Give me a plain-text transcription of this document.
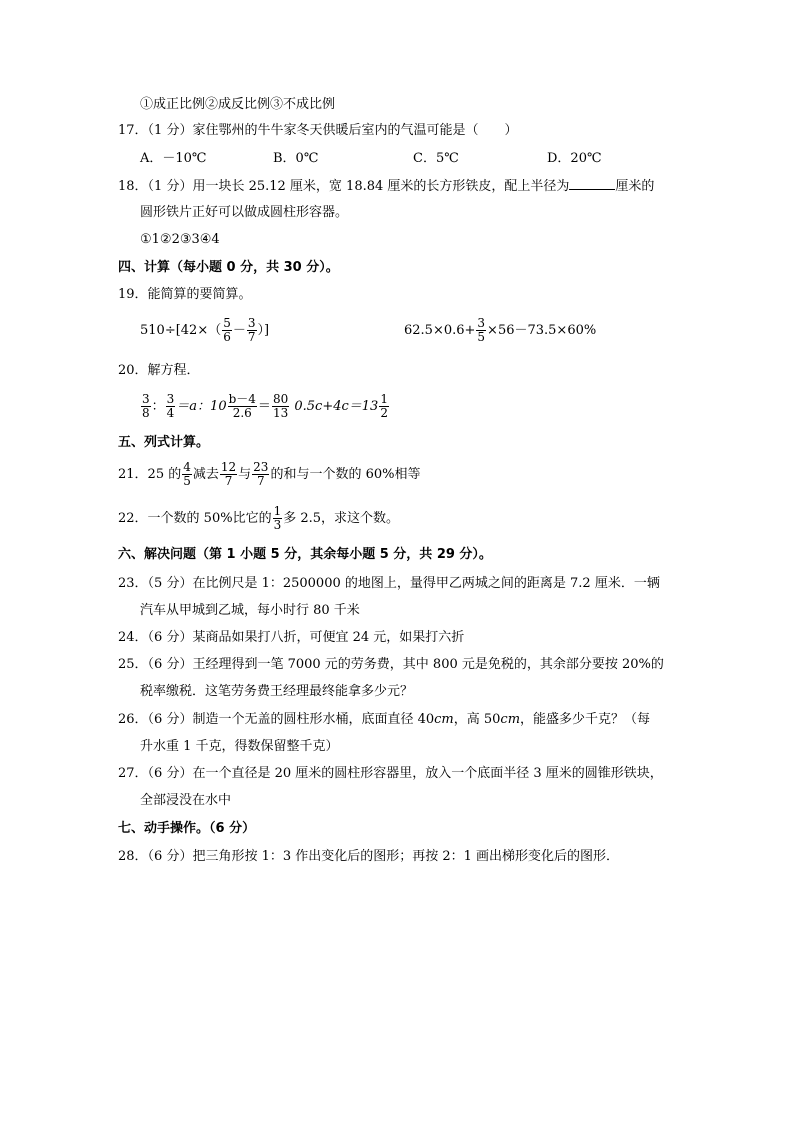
①成正比例②成反比例③不成比例
17．（1 分）家住鄂州的牛牛家冬天供暖后室内的气温可能是（　　）
A．－10℃	B．0℃	C．5℃	D．20℃
18．（1 分）用一块长 25.12 厘米，宽 18.84 厘米的长方形铁皮，配上半径为	厘米的
圆形铁片正好可以做成圆柱形容器。
①1②2③3④4
四、计算（每小题 0 分，共 30 分）。
19．能简算的要简算。
$510\div[42\times( \frac{5}{6} - \frac{3}{7}$ ）]	$62.5\times 0.6+ \frac{3}{5} \times 56-73.5\times 60\%$
20．解方程．
$\frac{3}{8}$ ： $\frac{3}{4} =a$：$10 \frac{b-4}{2.6} = \frac{80}{13} 0.5c+4c=13 \frac{1}{2}$
五、列式计算。
21．25 的 $\frac{4}{5}$ 减去 $\frac{12}{7}$ 与 $\frac{23}{7}$ 的和与一个数的 60%相等
22．一个数的 50%比它的 $\frac{1}{3}$ 多 2.5，求这个数。
六、解决问题（第 1 小题 5 分，其余每小题 5 分，共 29 分）。
23．（5 分）在比例尺是 1：2500000 的地图上，量得甲乙两城之间的距离是 7.2 厘米．一辆
汽车从甲城到乙城，每小时行 80 千米
24．（6 分）某商品如果打八折，可便宜 24 元，如果打六折
25．（6 分）王经理得到一笔 7000 元的劳务费，其中 800 元是免税的，其余部分要按 20%的
税率缴税．这笔劳务费王经理最终能拿多少元？
26．（6 分）制造一个无盖的圆柱形水桶，底面直径 40cm，高 50cm，能盛多少千克？（每
升水重 1 千克，得数保留整千克）
27．（6 分）在一个直径是 20 厘米的圆柱形容器里，放入一个底面半径 3 厘米的圆锥形铁块，
全部浸没在水中
七、动手操作。（6 分）
28．（6 分）把三角形按 1：3 作出变化后的图形；再按 2：1 画出梯形变化后的图形．
